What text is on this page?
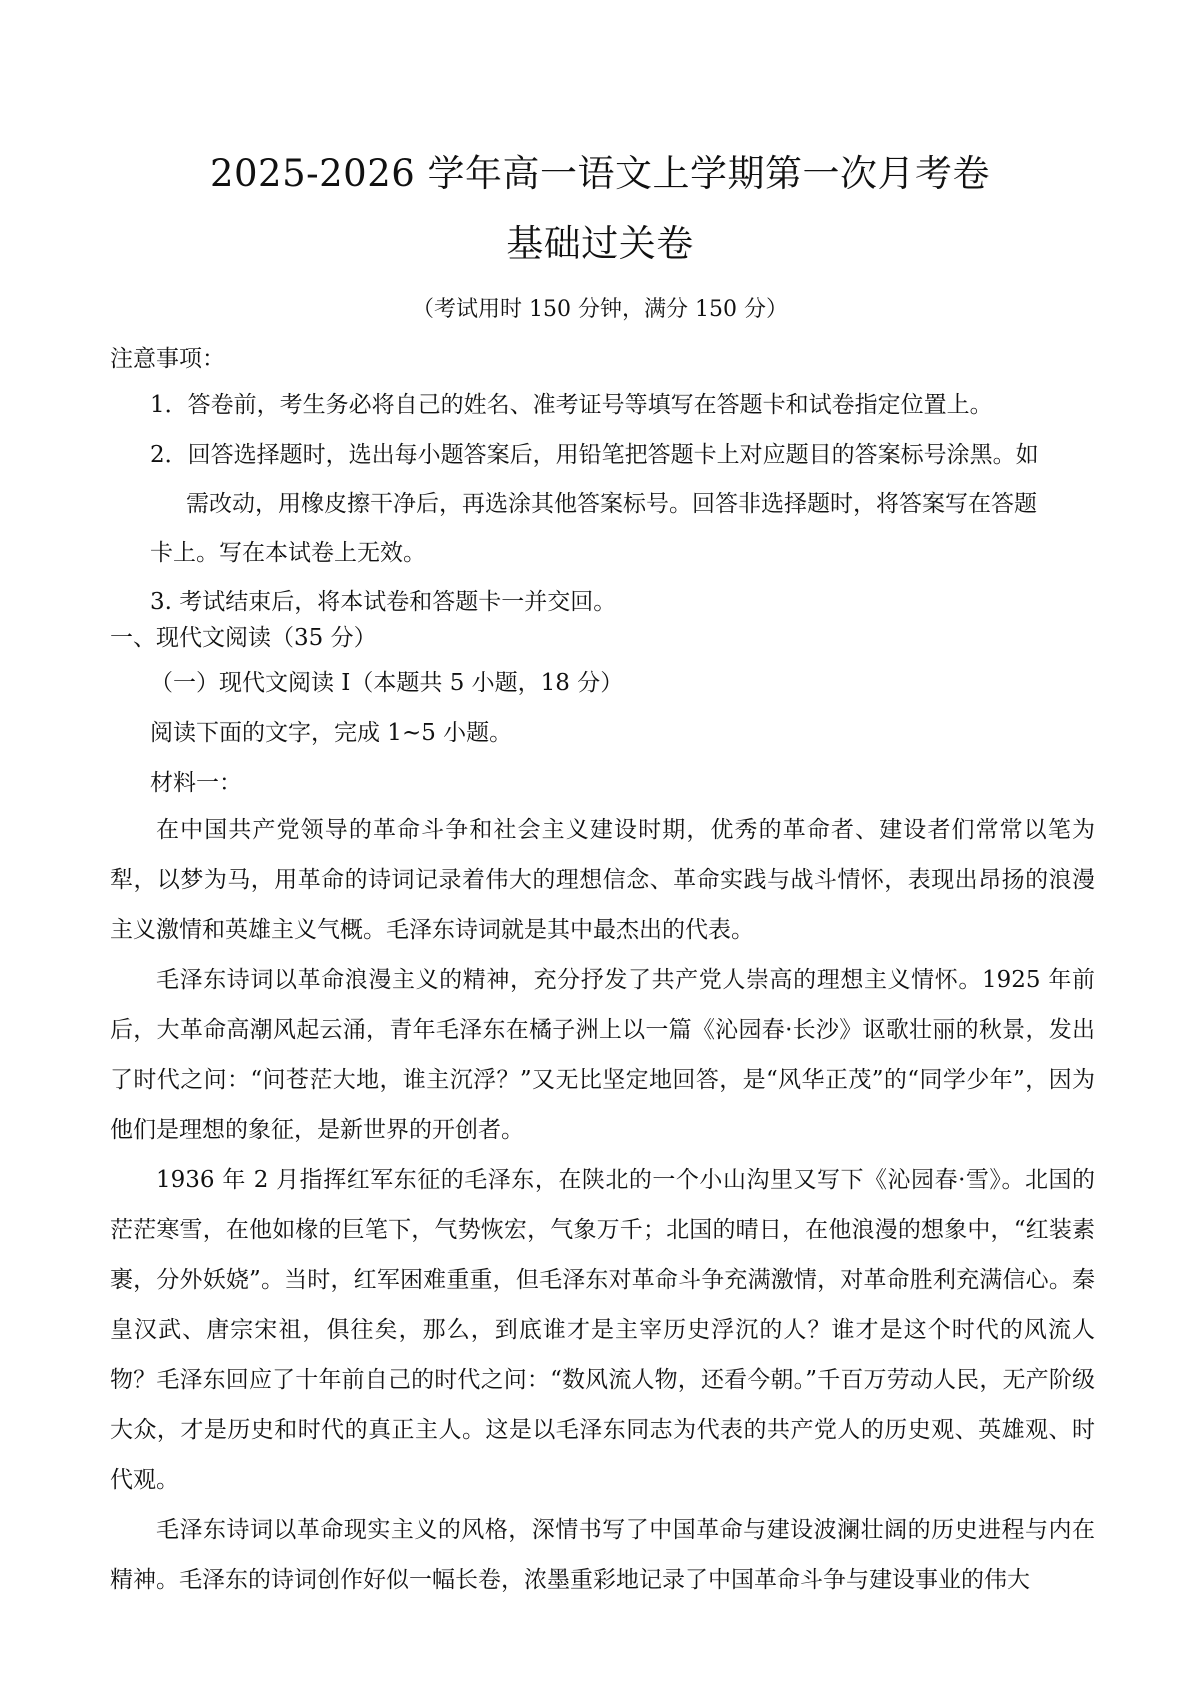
2025-2026 学年高一语文上学期第一次月考卷
基础过关卷
（考试用时 150 分钟，满分 150 分）
注意事项：
1．答卷前，考生务必将自己的姓名、准考证号等填写在答题卡和试卷指定位置上。
2．回答选择题时，选出每小题答案后，用铅笔把答题卡上对应题目的答案标号涂黑。如
需改动，用橡皮擦干净后，再选涂其他答案标号。回答非选择题时，将答案写在答题
卡上。写在本试卷上无效。
3. 考试结束后，将本试卷和答题卡一并交回。
一、现代文阅读（35 分）
（一）现代文阅读 Ⅰ（本题共 5 小题，18 分）
阅读下面的文字，完成 1~5 小题。
材料一：
在中国共产党领导的革命斗争和社会主义建设时期，优秀的革命者、建设者们常常以笔为犁，以梦为马，用革命的诗词记录着伟大的理想信念、革命实践与战斗情怀，表现出昂扬的浪漫主义激情和英雄主义气概。毛泽东诗词就是其中最杰出的代表。
毛泽东诗词以革命浪漫主义的精神，充分抒发了共产党人崇高的理想主义情怀。1925 年前后，大革命高潮风起云涌，青年毛泽东在橘子洲上以一篇《沁园春·长沙》讴歌壮丽的秋景，发出了时代之问：“问苍茫大地，谁主沉浮？”又无比坚定地回答，是“风华正茂”的“同学少年”，因为他们是理想的象征，是新世界的开创者。
1936 年 2 月指挥红军东征的毛泽东，在陕北的一个小山沟里又写下《沁园春·雪》。北国的茫茫寒雪，在他如椽的巨笔下，气势恢宏，气象万千；北国的晴日，在他浪漫的想象中，“红装素裹，分外妖娆”。当时，红军困难重重，但毛泽东对革命斗争充满激情，对革命胜利充满信心。秦皇汉武、唐宗宋祖，俱往矣，那么，到底谁才是主宰历史浮沉的人？谁才是这个时代的风流人物？毛泽东回应了十年前自己的时代之问：“数风流人物，还看今朝。”千百万劳动人民，无产阶级大众，才是历史和时代的真正主人。这是以毛泽东同志为代表的共产党人的历史观、英雄观、时代观。
毛泽东诗词以革命现实主义的风格，深情书写了中国革命与建设波澜壮阔的历史进程与内在精神。毛泽东的诗词创作好似一幅长卷，浓墨重彩地记录了中国革命斗争与建设事业的伟大
